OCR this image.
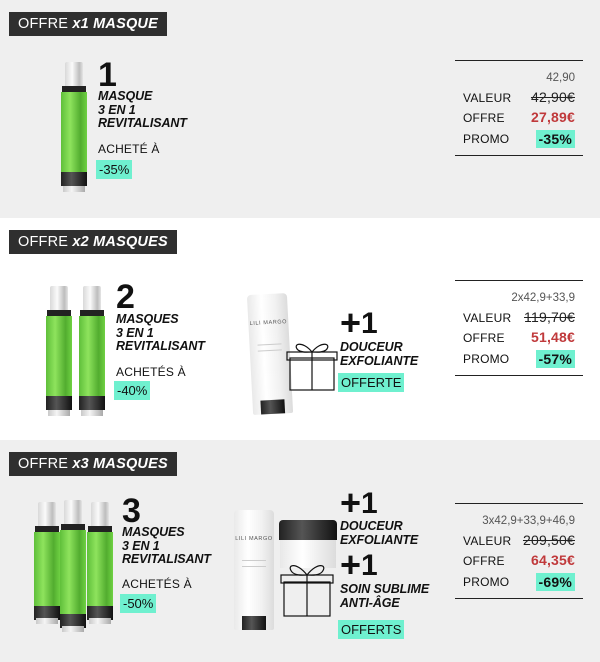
OFFRE x1 MASQUE
1
MASQUE
3 EN 1
REVITALISANT
ACHETÉ À
-35%
42,90
VALEUR 42,90€
OFFRE 27,89€
PROMO -35%
OFFRE x2 MASQUES
2
MASQUES
3 EN 1
REVITALISANT
ACHETÉS À
-40%
LILI MARGO +1
DOUCEUR
EXFOLIANTE
OFFERTE
2x42,9+33,9
VALEUR 119,70€
OFFRE 51,48€
PROMO -57%
OFFRE x3 MASQUES
3
MASQUES
3 EN 1
REVITALISANT
ACHETÉS À
-50%
LILI MARGO
+1
DOUCEUR
EXFOLIANTE
+1
SOIN SUBLIME
ANTI-ÂGE
OFFERTS
3x42,9+33,9+46,9
VALEUR 209,50€
OFFRE 64,35€
PROMO -69%
